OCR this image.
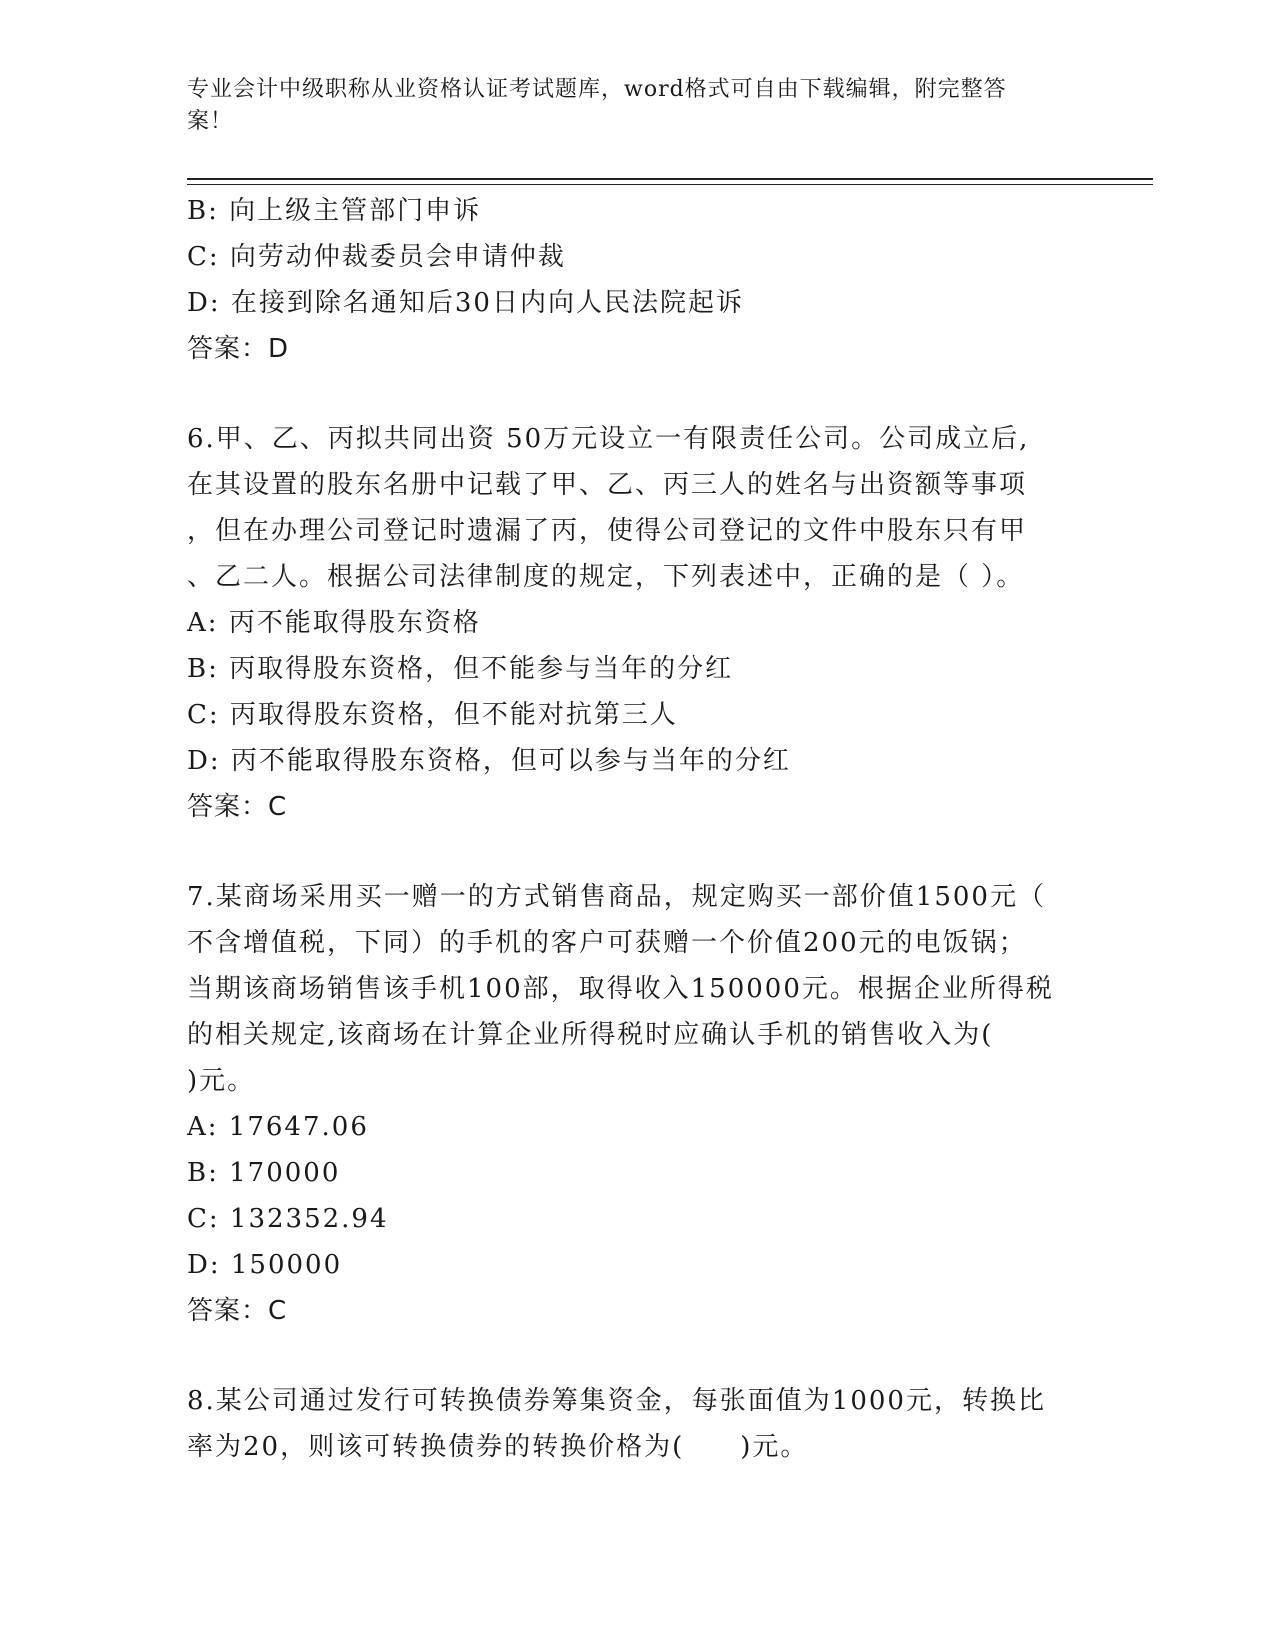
专业会计中级职称从业资格认证考试题库，word格式可自由下载编辑，附完整答
案！
B: 向上级主管部门申诉
C: 向劳动仲裁委员会申请仲裁
D: 在接到除名通知后30日内向人民法院起诉
答案：D
6.甲、乙、丙拟共同出资 50万元设立一有限责任公司。公司成立后,
在其设置的股东名册中记载了甲、乙、丙三人的姓名与出资额等事项
，但在办理公司登记时遗漏了丙，使得公司登记的文件中股东只有甲
、乙二人。根据公司法律制度的规定，下列表述中，正确的是（ ）。
A: 丙不能取得股东资格
B: 丙取得股东资格，但不能参与当年的分红
C: 丙取得股东资格，但不能对抗第三人
D: 丙不能取得股东资格，但可以参与当年的分红
答案：C
7.某商场采用买一赠一的方式销售商品，规定购买一部价值1500元（
不含增值税，下同）的手机的客户可获赠一个价值200元的电饭锅；
当期该商场销售该手机100部，取得收入150000元。根据企业所得税
的相关规定,该商场在计算企业所得税时应确认手机的销售收入为(
)元。
A: 17647.06
B: 170000
C: 132352.94
D: 150000
答案：C
8.某公司通过发行可转换债券筹集资金，每张面值为1000元，转换比
率为20，则该可转换债券的转换价格为(　　)元。
